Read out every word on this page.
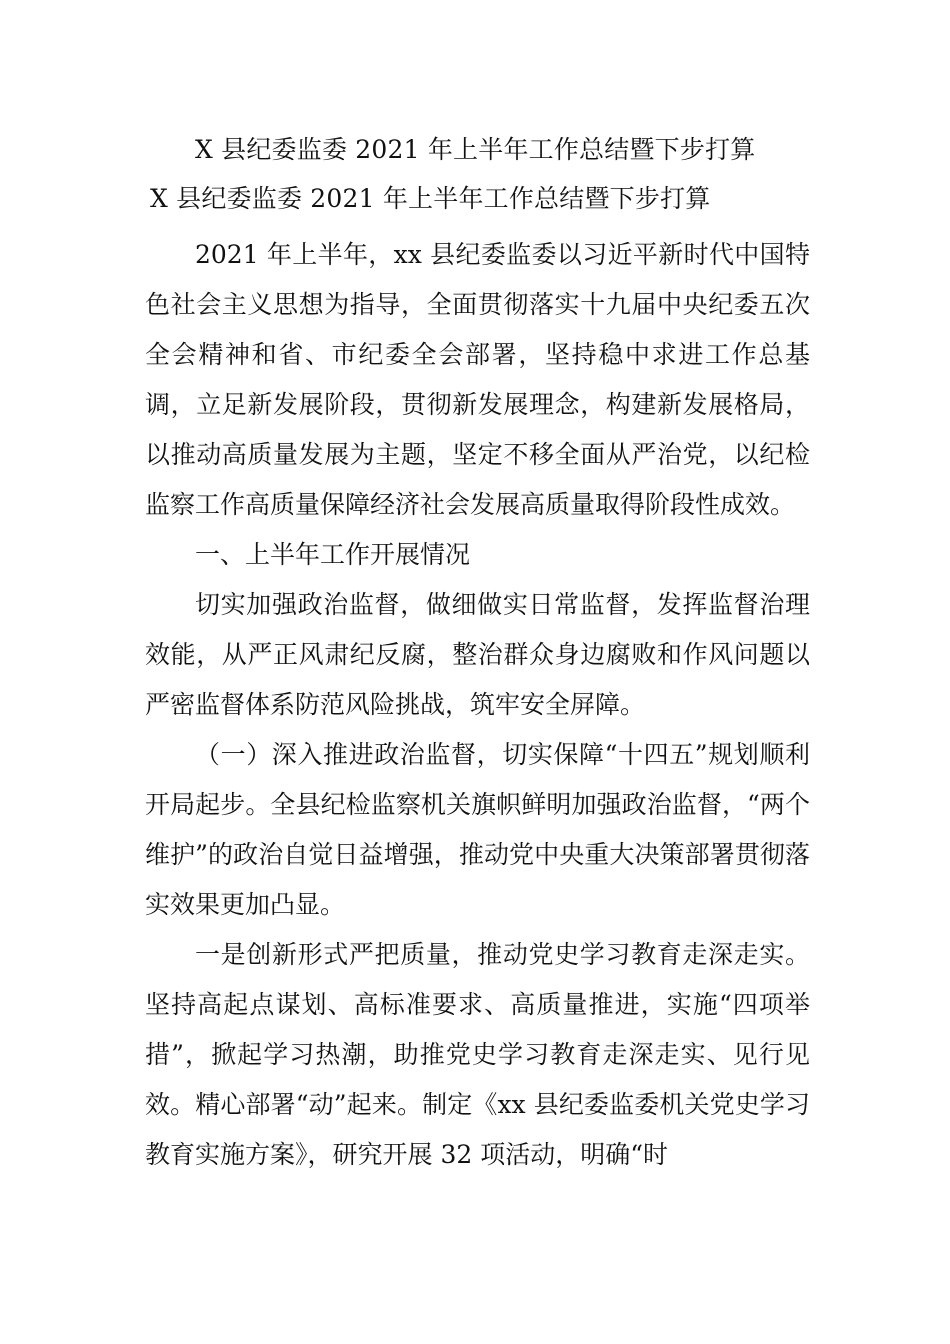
X 县纪委监委 2021 年上半年工作总结暨下步打算
X 县纪委监委 2021 年上半年工作总结暨下步打算

2021 年上半年，xx 县纪委监委以习近平新时代中国特色社会主义思想为指导，全面贯彻落实十九届中央纪委五次全会精神和省、市纪委全会部署，坚持稳中求进工作总基调，立足新发展阶段，贯彻新发展理念，构建新发展格局，以推动高质量发展为主题，坚定不移全面从严治党，以纪检监察工作高质量保障经济社会发展高质量取得阶段性成效。

一、上半年工作开展情况

切实加强政治监督，做细做实日常监督，发挥监督治理效能，从严正风肃纪反腐，整治群众身边腐败和作风问题以严密监督体系防范风险挑战，筑牢安全屏障。

（一）深入推进政治监督，切实保障“十四五”规划顺利开局起步。全县纪检监察机关旗帜鲜明加强政治监督，“两个维护”的政治自觉日益增强，推动党中央重大决策部署贯彻落实效果更加凸显。

一是创新形式严把质量，推动党史学习教育走深走实。坚持高起点谋划、高标准要求、高质量推进，实施“四项举措”，掀起学习热潮，助推党史学习教育走深走实、见行见效。精心部署“动”起来。制定《xx 县纪委监委机关党史学习教育实施方案》，研究开展 32 项活动，明确“时
